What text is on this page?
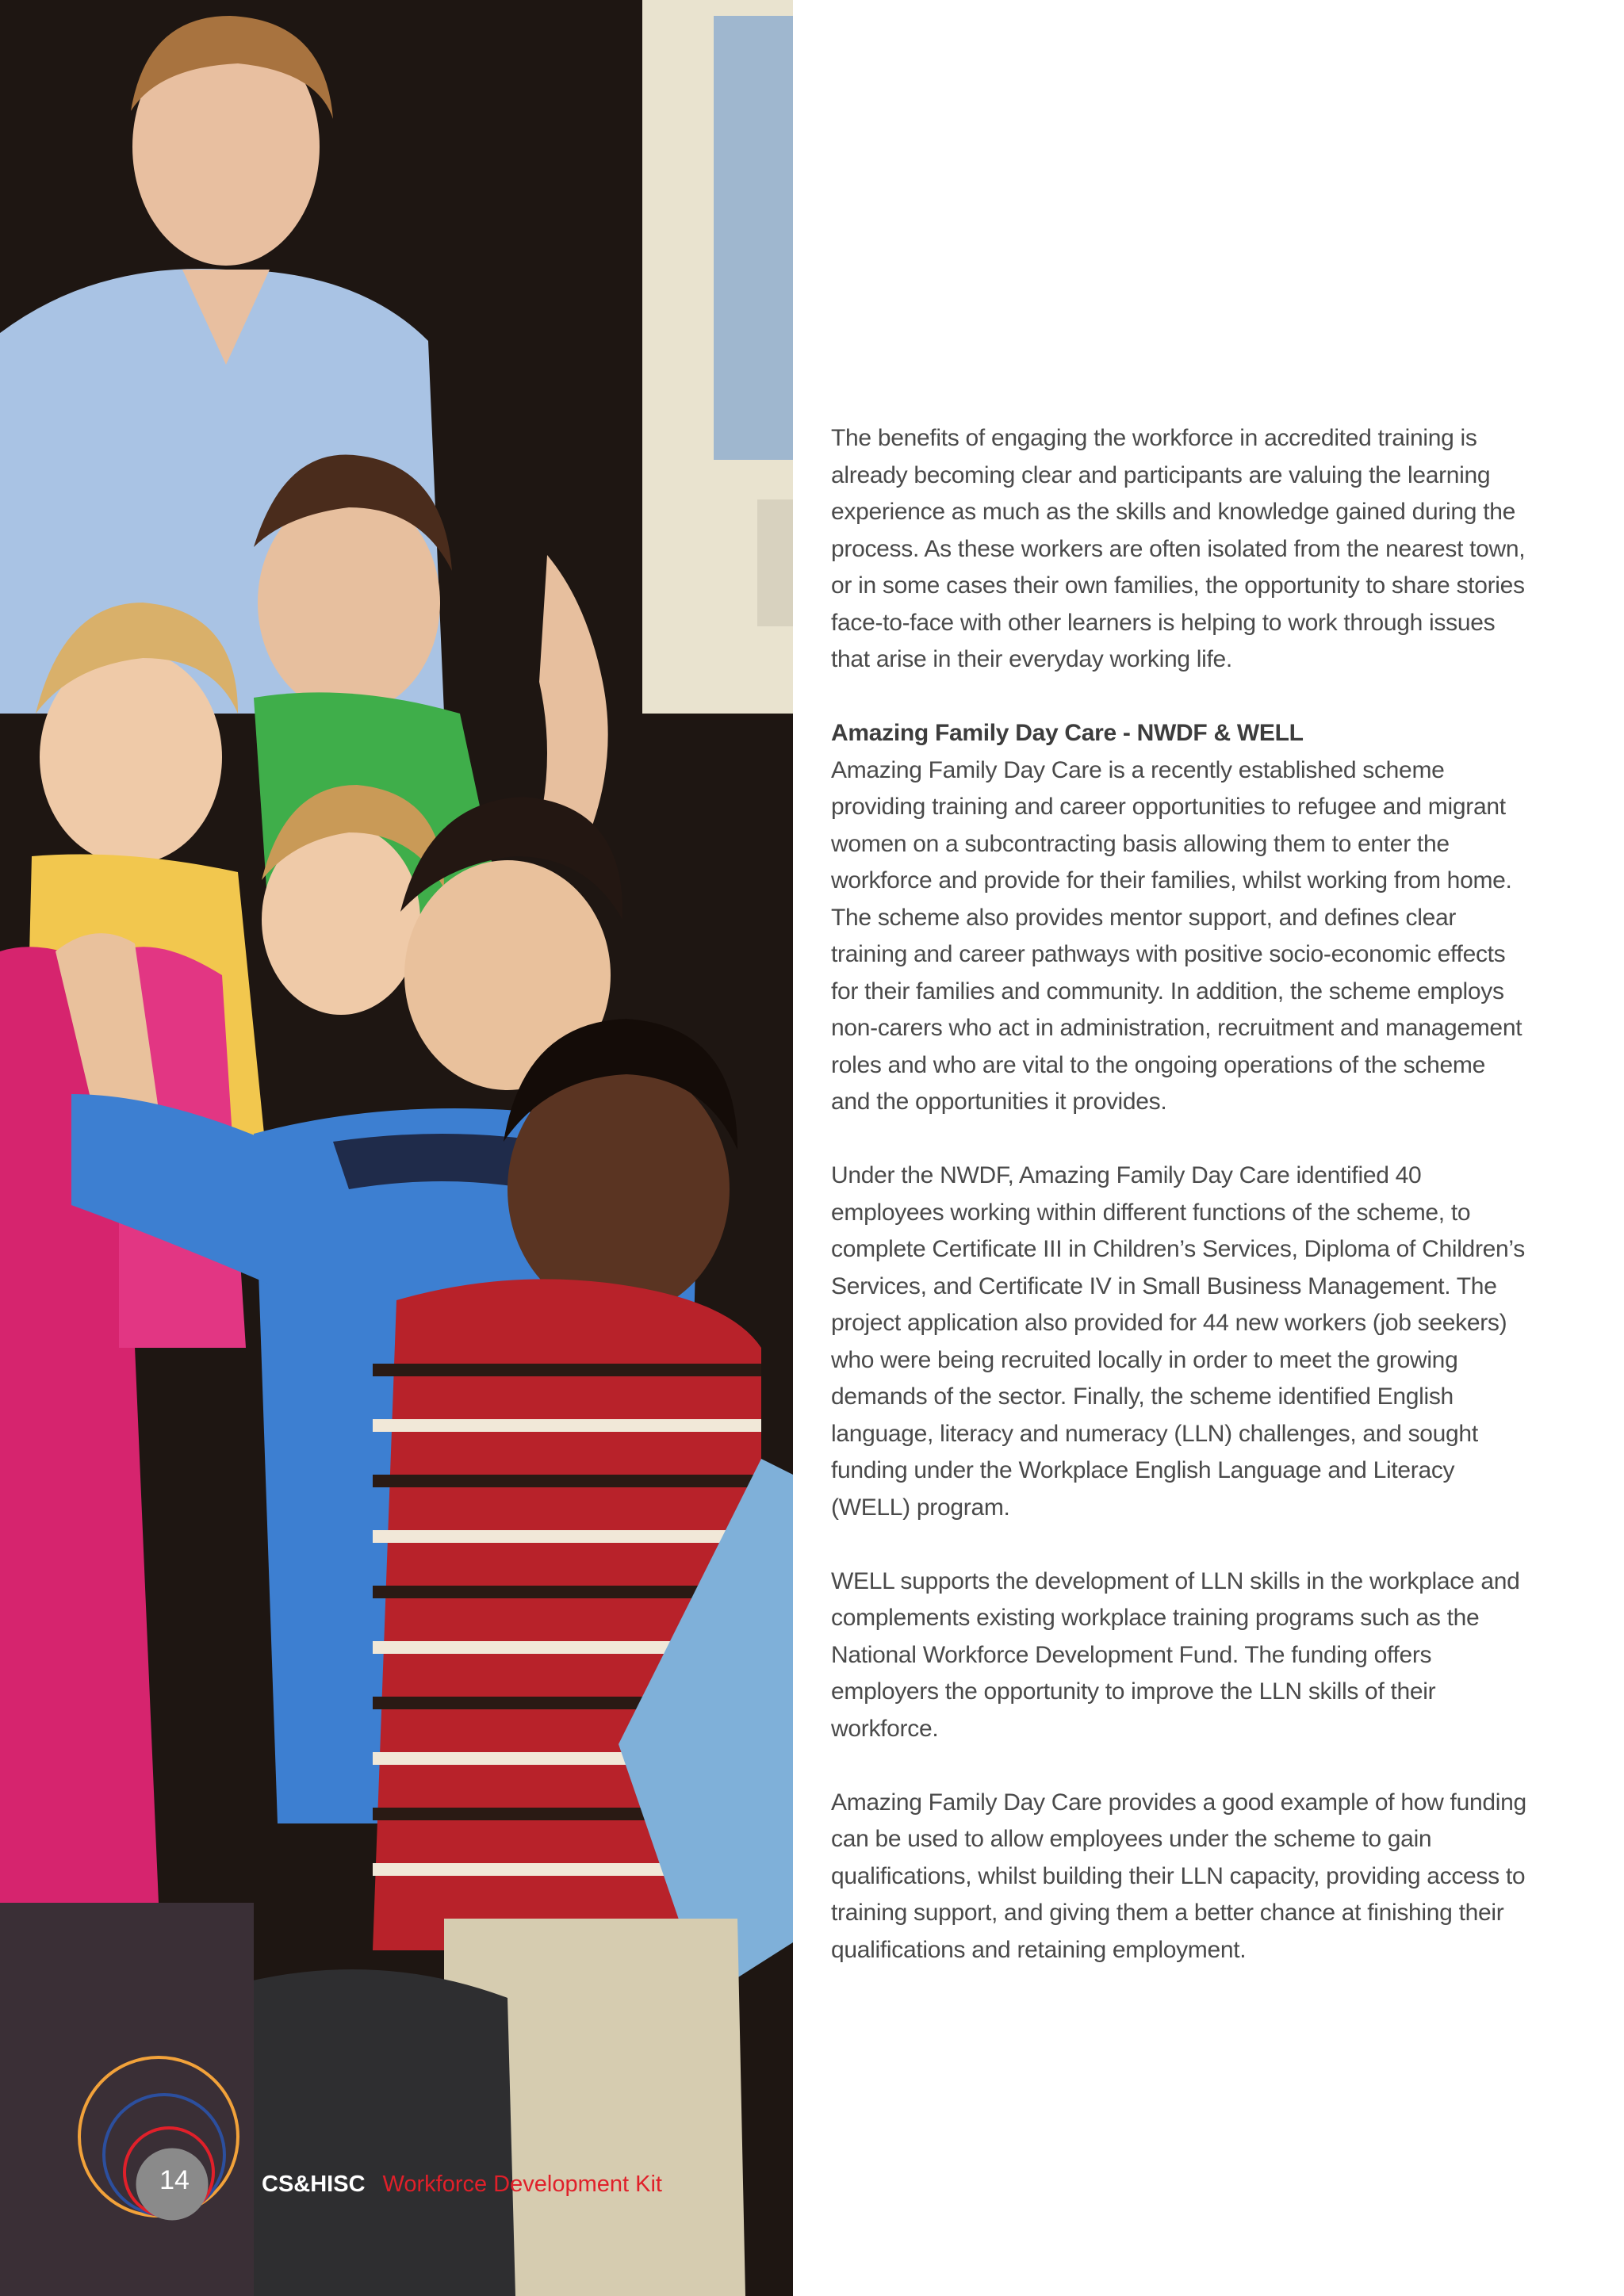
The benefits of engaging the workforce in accredited training is already becoming clear and participants are valuing the learning experience as much as the skills and knowledge gained during the process. As these workers are often isolated from the nearest town, or in some cases their own families, the opportunity to share stories face-to-face with other learners is helping to work through issues that arise in their everyday working life.

Amazing Family Day Care - NWDF & WELL

Amazing Family Day Care is a recently established scheme providing training and career opportunities to refugee and migrant women on a subcontracting basis allowing them to enter the workforce and provide for their families, whilst working from home. The scheme also provides mentor support, and defines clear training and career pathways with positive socio-economic effects for their families and community. In addition, the scheme employs non-carers who act in administration, recruitment and management roles and who are vital to the ongoing operations of the scheme and the opportunities it provides.

Under the NWDF, Amazing Family Day Care identified 40 employees working within different functions of the scheme, to complete Certificate III in Children’s Services, Diploma of Children’s Services, and Certificate IV in Small Business Management. The project application also provided for 44 new workers (job seekers) who were being recruited locally in order to meet the growing demands of the sector. Finally, the scheme identified English language, literacy and numeracy (LLN) challenges, and sought funding under the Workplace English Language and Literacy (WELL) program.

WELL supports the development of LLN skills in the workplace and complements existing workplace training programs such as the National Workforce Development Fund. The funding offers employers the opportunity to improve the LLN skills of their workforce.

Amazing Family Day Care provides a good example of how funding can be used to allow employees under the scheme to gain qualifications, whilst building their LLN capacity, providing access to training support, and giving them a better chance at finishing their qualifications and retaining employment.

14	CS&HISC Workforce Development Kit
